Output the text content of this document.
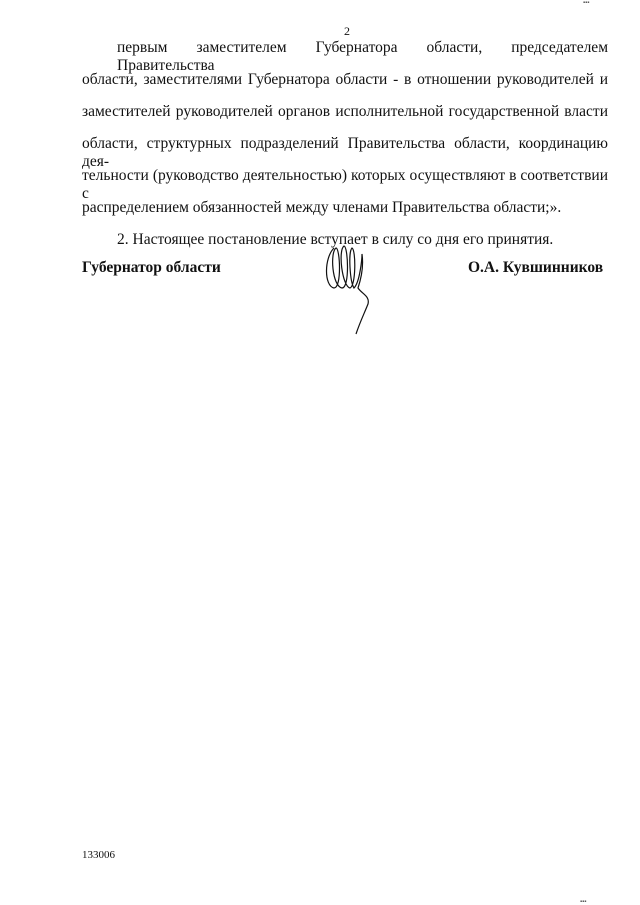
2
первым заместителем Губернатора области, председателем Правительства
области, заместителями Губернатора области - в отношении руководителей и
заместителей руководителей органов исполнительной государственной власти
области, структурных подразделений Правительства области, координацию дея-
тельности (руководство деятельностью) которых осуществляют в соответствии с
распределением обязанностей между членами Правительства области;».
2. Настоящее постановление вступает в силу со дня его принятия.
Губернатор области	О.А. Кувшинников
133006
▪▪▪
▪▪▪
